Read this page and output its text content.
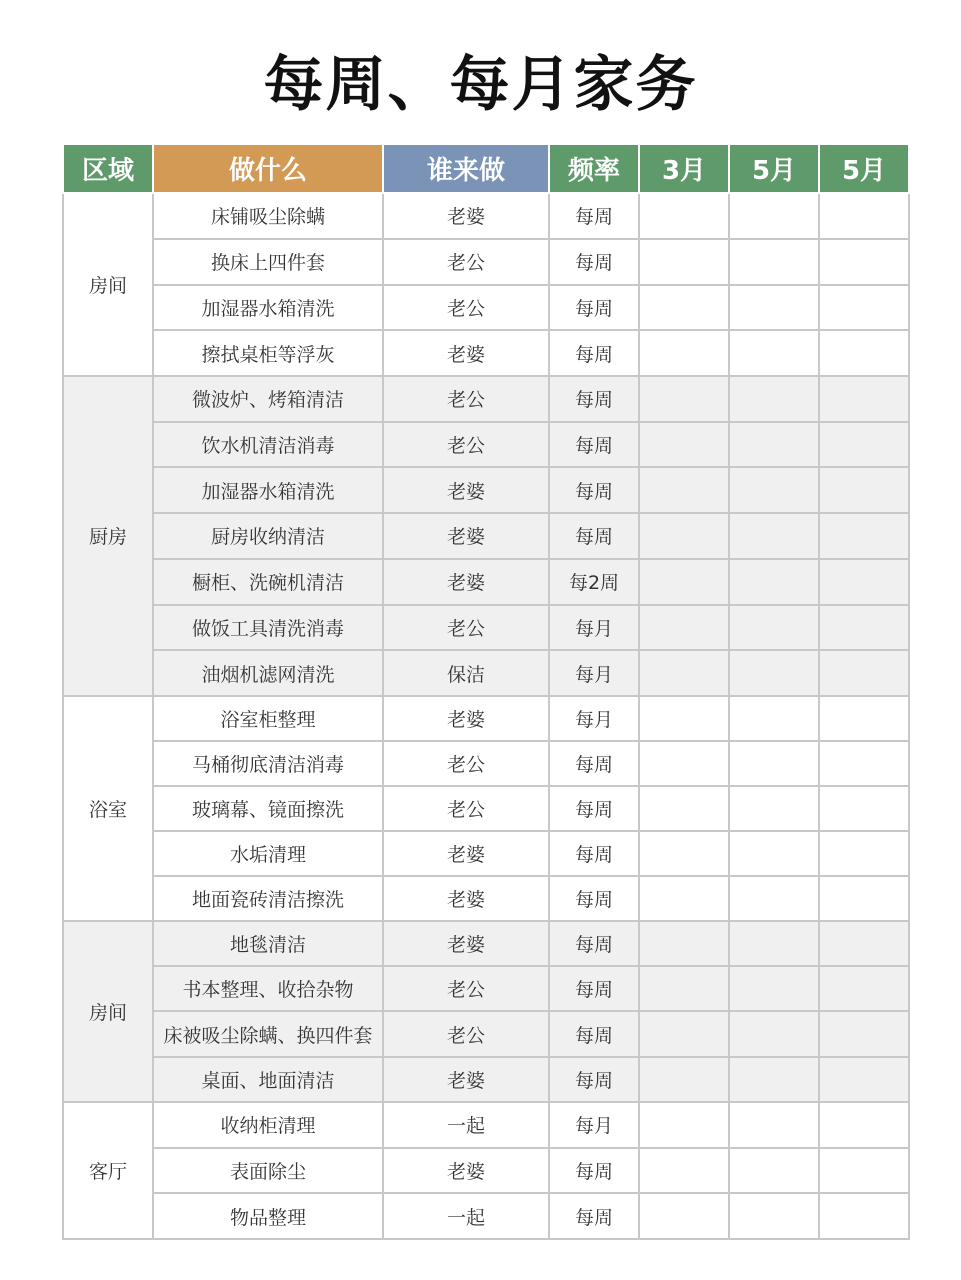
每周、每月家务
区域	做什么	谁来做	频率	3月	5月	5月
房间	床铺吸尘除螨	老婆	每周			
	换床上四件套	老公	每周			
	加湿器水箱清洗	老公	每周			
	擦拭桌柜等浮灰	老婆	每周			
厨房	微波炉、烤箱清洁	老公	每周			
	饮水机清洁消毒	老公	每周			
	加湿器水箱清洗	老婆	每周			
	厨房收纳清洁	老婆	每周			
	橱柜、洗碗机清洁	老婆	每2周			
	做饭工具清洗消毒	老公	每月			
	油烟机滤网清洗	保洁	每月			
浴室	浴室柜整理	老婆	每月			
	马桶彻底清洁消毒	老公	每周			
	玻璃幕、镜面擦洗	老公	每周			
	水垢清理	老婆	每周			
	地面瓷砖清洁擦洗	老婆	每周			
房间	地毯清洁	老婆	每周			
	书本整理、收拾杂物	老公	每周			
	床被吸尘除螨、换四件套	老公	每周			
	桌面、地面清洁	老婆	每周			
客厅	收纳柜清理	一起	每月			
	表面除尘	老婆	每周			
	物品整理	一起	每周			
